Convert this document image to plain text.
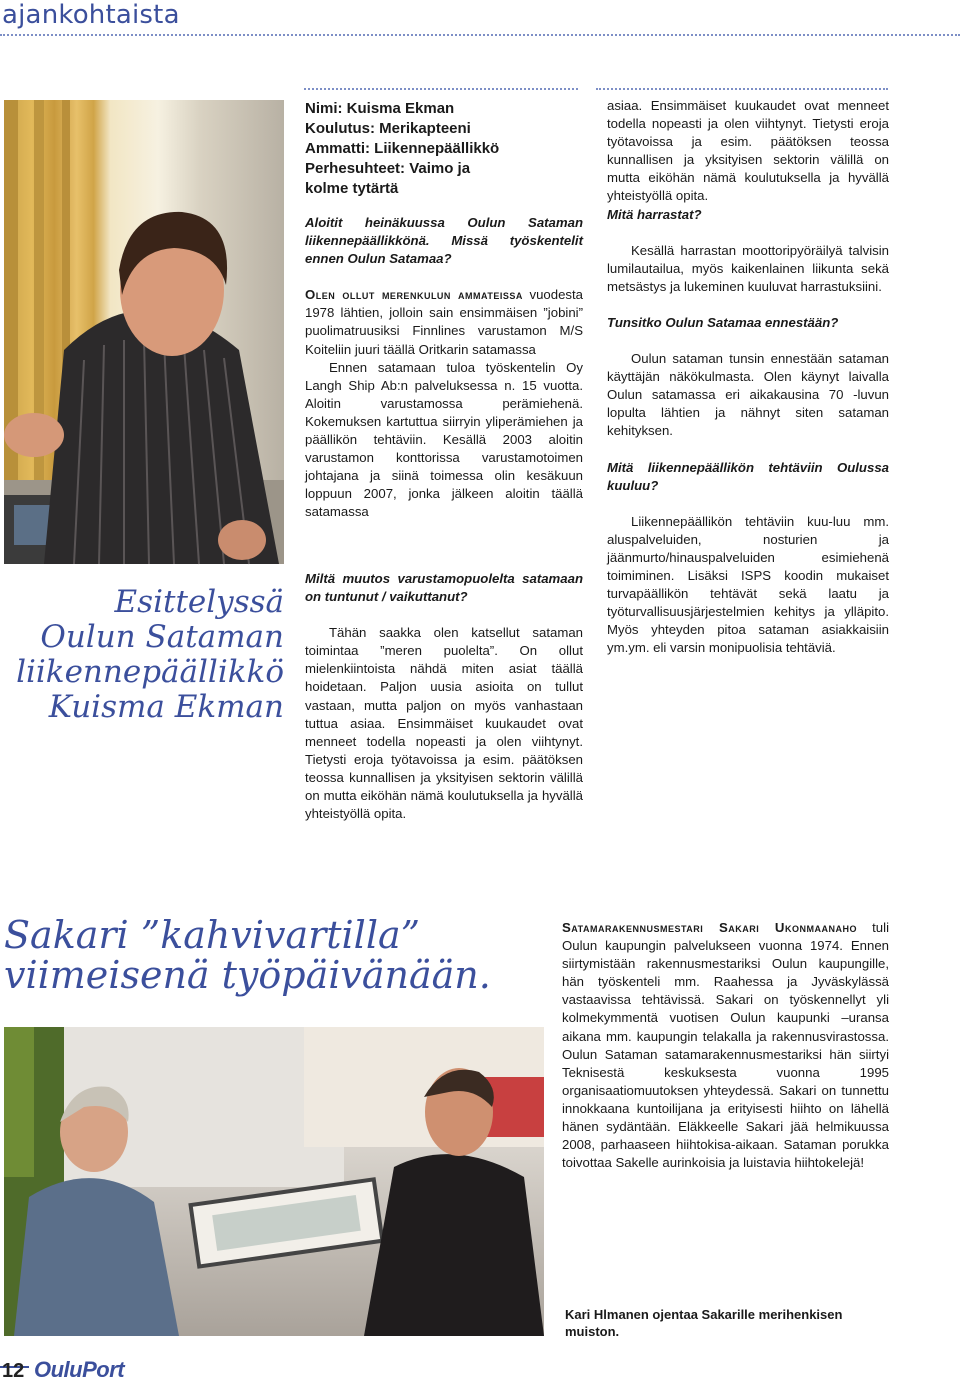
ajankohtaista
Esittelyssä
Oulun Sataman
liikennepäällikkö
Kuisma Ekman
Nimi: Kuisma Ekman
Koulutus: Merikapteeni
Ammatti: Liikennepäällikkö
Perhesuhteet: Vaimo ja
kolme tytärtä

Aloitit heinäkuussa Oulun Sataman liikennepäällikkönä. Missä työskentelit ennen Oulun Satamaa?

Olen ollut merenkulun ammateissa vuodesta 1978 lähtien, jolloin sain ensimmäisen ”jobini” puolimatruusiksi Finnlines varustamon M/S Koiteliin juuri täällä Oritkarin satamassa

Ennen satamaan tuloa työskentelin Oy Langh Ship Ab:n palveluksessa n. 15 vuotta. Aloitin varustamossa perämiehenä. Kokemuksen kartuttua siirryin yliperämiehen ja päällikön tehtäviin. Kesällä 2003 aloitin varustamon konttorissa varustamotoimen johtajana ja siinä toimessa olin kesäkuun loppuun 2007, jonka jälkeen aloitin täällä satamassa

Miltä muutos varustamopuolelta satamaan on tuntunut / vaikuttanut?

Tähän saakka olen katsellut sataman toimintaa ”meren puolelta”. On ollut mielenkiintoista nähdä miten asiat täällä hoidetaan. Paljon uusia asioita on tullut vastaan, mutta paljon on myös vanhastaan tuttua asiaa. Ensimmäiset kuukaudet ovat menneet todella nopeasti ja olen viihtynyt. Tietysti eroja työtavoissa ja esim. päätöksen teossa kunnallisen ja yksityisen sektorin välillä on mutta eiköhän nämä koulutuksella ja hyvällä yhteistyöllä opita.

asiaa. Ensimmäiset kuukaudet ovat menneet todella nopeasti ja olen viihtynyt. Tietysti eroja työtavoissa ja esim. päätöksen teossa kunnallisen ja yksityisen sektorin välillä on mutta eiköhän nämä koulutuksella ja hyvällä yhteistyöllä opita.

Mitä harrastat?

Kesällä harrastan moottoripyöräilyä talvisin lumilautailua, myös kaikenlainen liikunta sekä metsästys ja lukeminen kuuluvat harrastuksiini.

Tunsitko Oulun Satamaa ennestään?

Oulun sataman tunsin ennestään sataman käyttäjän näkökulmasta. Olen käynyt laivalla Oulun satamassa eri aikakausina 70 -luvun lopulta lähtien ja nähnyt siten sataman kehityksen.

Mitä liikennepäällikön tehtäviin Oulussa kuuluu?

Liikennepäällikön tehtäviin kuu-luu mm. aluspalveluiden, nosturien ja jäänmurto/hinauspalveluiden esimiehenä toimiminen. Lisäksi ISPS koodin mukaiset turvapäällikön tehtävät sekä laatu ja työturvallisuusjärjestelmien kehitys ja ylläpito. Myös yhteyden pitoa sataman asiakkaisiin ym.ym. eli varsin monipuolisia tehtäviä.

Sakari ”kahvivartilla”
viimeisenä työpäivänään.

Satamarakennusmestari Sakari Ukonmaanaho tuli Oulun kaupungin palvelukseen vuonna 1974. Ennen siirtymistään rakennusmestariksi Oulun kaupungille, hän työskenteli mm. Raahessa ja Jyväskylässä vastaavissa tehtävissä. Sakari on työskennellyt yli kolmekymmentä vuotisen Oulun kaupunki –uransa aikana mm. kaupungin telakalla ja rakennusvirastossa. Oulun Sataman satamarakennusmestariksi hän siirtyi Teknisestä keskuksesta vuonna 1995 organisaatiomuutoksen yhteydessä. Sakari on tunnettu innokkaana kuntoilijana ja erityisesti hiihto on lähellä hänen sydäntään. Eläkkeelle Sakari jää helmikuussa 2008, parhaaseen hiihtokisa-aikaan. Sataman porukka toivottaa Sakelle aurinkoisia ja luistavia hiihtokelejä!

Kari Hlmanen ojentaa Sakarille merihenkisen muiston.
12 OuluPort
